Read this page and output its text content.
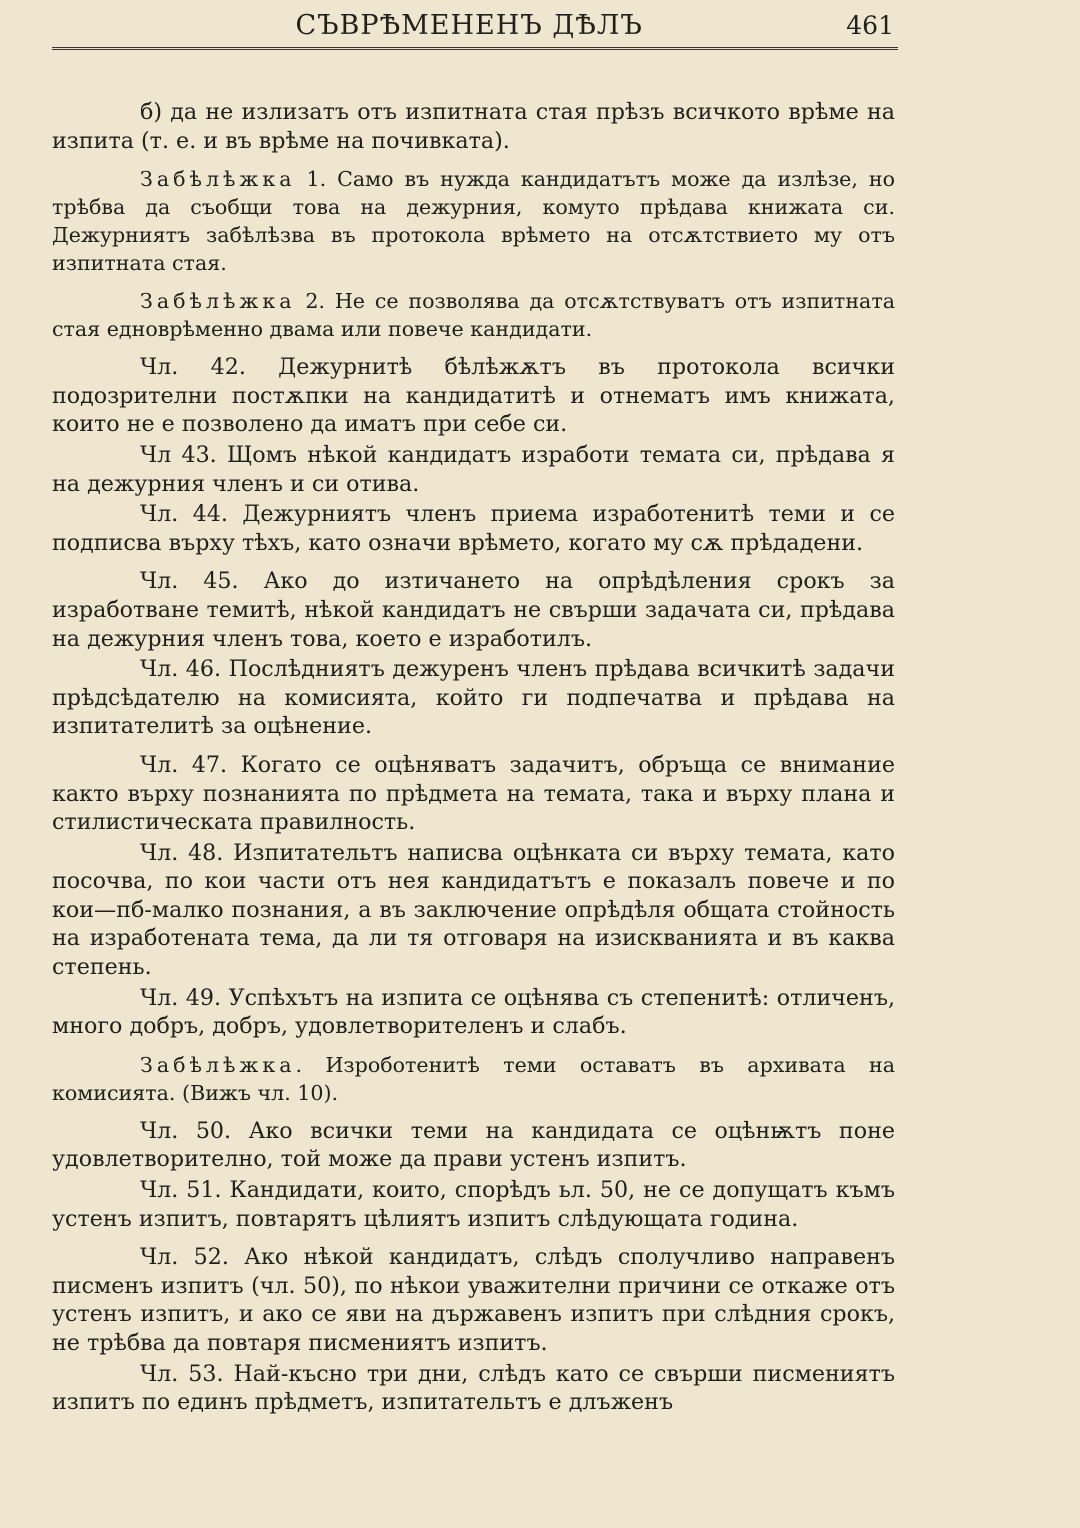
СЪВРѢМЕНЕНЪ ДѢЛЪ	461

б) да не излизатъ отъ изпитната стая прѣзъ всичкото врѣме на изпита (т. е. и въ врѣме на почивката).

Забѣлѣжка 1. Само въ нужда кандидатътъ може да излѣзе, но трѣбва да съобщи това на дежурния, комуто прѣдава книжата си. Дежурниятъ забѣлѣзва въ протокола врѣмето на отсѫтствието му отъ изпитната стая.

Забѣлѣжка 2. Не се позволява да отсѫтствуватъ отъ изпитната стая едноврѣменно двама или повече кандидати.

Чл. 42. Дежурнитѣ бѣлѣжѫтъ въ протокола всички подозрителни постѫпки на кандидатитѣ и отнематъ имъ книжата, които не е позволено да иматъ при себе си.

Чл 43. Щомъ нѣкой кандидатъ изработи темата си, прѣдава я на дежурния членъ и си отива.

Чл. 44. Дежурниятъ членъ приема изработенитѣ теми и се подписва върху тѣхъ, като означи врѣмето, когато му сѫ прѣдадени.

Чл. 45. Ако до изтичането на опрѣдѣления срокъ за изработване темитѣ, нѣкой кандидатъ не свърши задачата си, прѣдава на дежурния членъ това, което е изработилъ.

Чл. 46. Послѣдниятъ дежуренъ членъ прѣдава всичкитѣ задачи прѣдсѣдателю на комисията, който ги подпечатва и прѣдава на изпитателитѣ за оцѣнение.

Чл. 47. Когато се оцѣняватъ задачитъ, обръща се внимание както върху познанията по прѣдмета на темата, така и върху плана и стилистическата правилность.

Чл. 48. Изпитательтъ написва оцѣнката си върху темата, като посочва, по кои части отъ нея кандидатътъ е показалъ повече и по кои—пб-малко познания, а въ заключение опрѣдѣля общата стойность на изработената тема, да ли тя отговаря на изискванията и въ каква степень.

Чл. 49. Успѣхътъ на изпита се оцѣнява съ степенитѣ: отличенъ, много добръ, добръ, удовлетворителенъ и слабъ.

Забѣлѣжка. Изроботенитѣ теми оставатъ въ архивата на комисията. (Вижъ чл. 10).

Чл. 50. Ако всички теми на кандидата се оцѣнѭтъ поне удовлетворително, той може да прави устенъ изпитъ.

Чл. 51. Кандидати, които, спорѣдъ ьл. 50, не се допущатъ къмъ устенъ изпитъ, повтарятъ цѣлиятъ изпитъ слѣдующата година.

Чл. 52. Ако нѣкой кандидатъ, слѣдъ сполучливо направенъ писменъ изпитъ (чл. 50), по нѣкои уважителни причини се откаже отъ устенъ изпитъ, и ако се яви на държавенъ изпитъ при слѣдния срокъ, не трѣбва да повтаря писмениятъ изпитъ.

Чл. 53. Най-късно три дни, слѣдъ като се свърши писмениятъ изпитъ по единъ прѣдметъ, изпитательтъ е длъженъ
